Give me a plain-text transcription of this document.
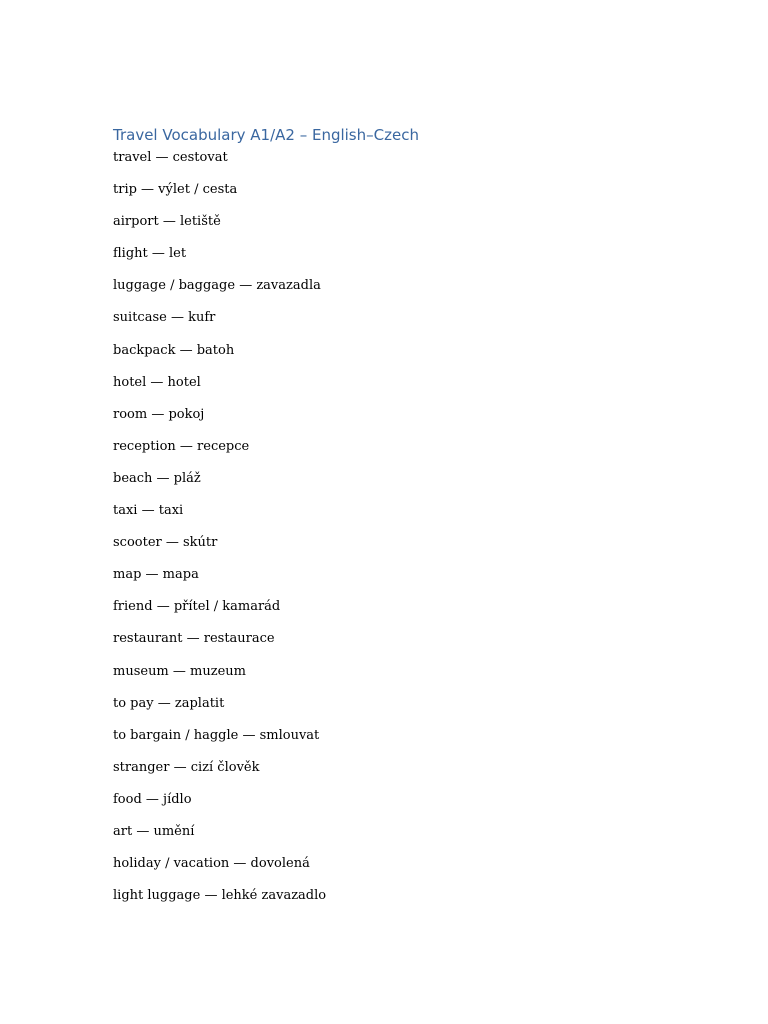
Travel Vocabulary A1/A2 – English–Czech
travel — cestovat
trip — výlet / cesta
airport — letiště
flight — let
luggage / baggage — zavazadla
suitcase — kufr
backpack — batoh
hotel — hotel
room — pokoj
reception — recepce
beach — pláž
taxi — taxi
scooter — skútr
map — mapa
friend — přítel / kamarád
restaurant — restaurace
museum — muzeum
to pay — zaplatit
to bargain / haggle — smlouvat
stranger — cizí člověk
food — jídlo
art — umění
holiday / vacation — dovolená
light luggage — lehké zavazadlo
